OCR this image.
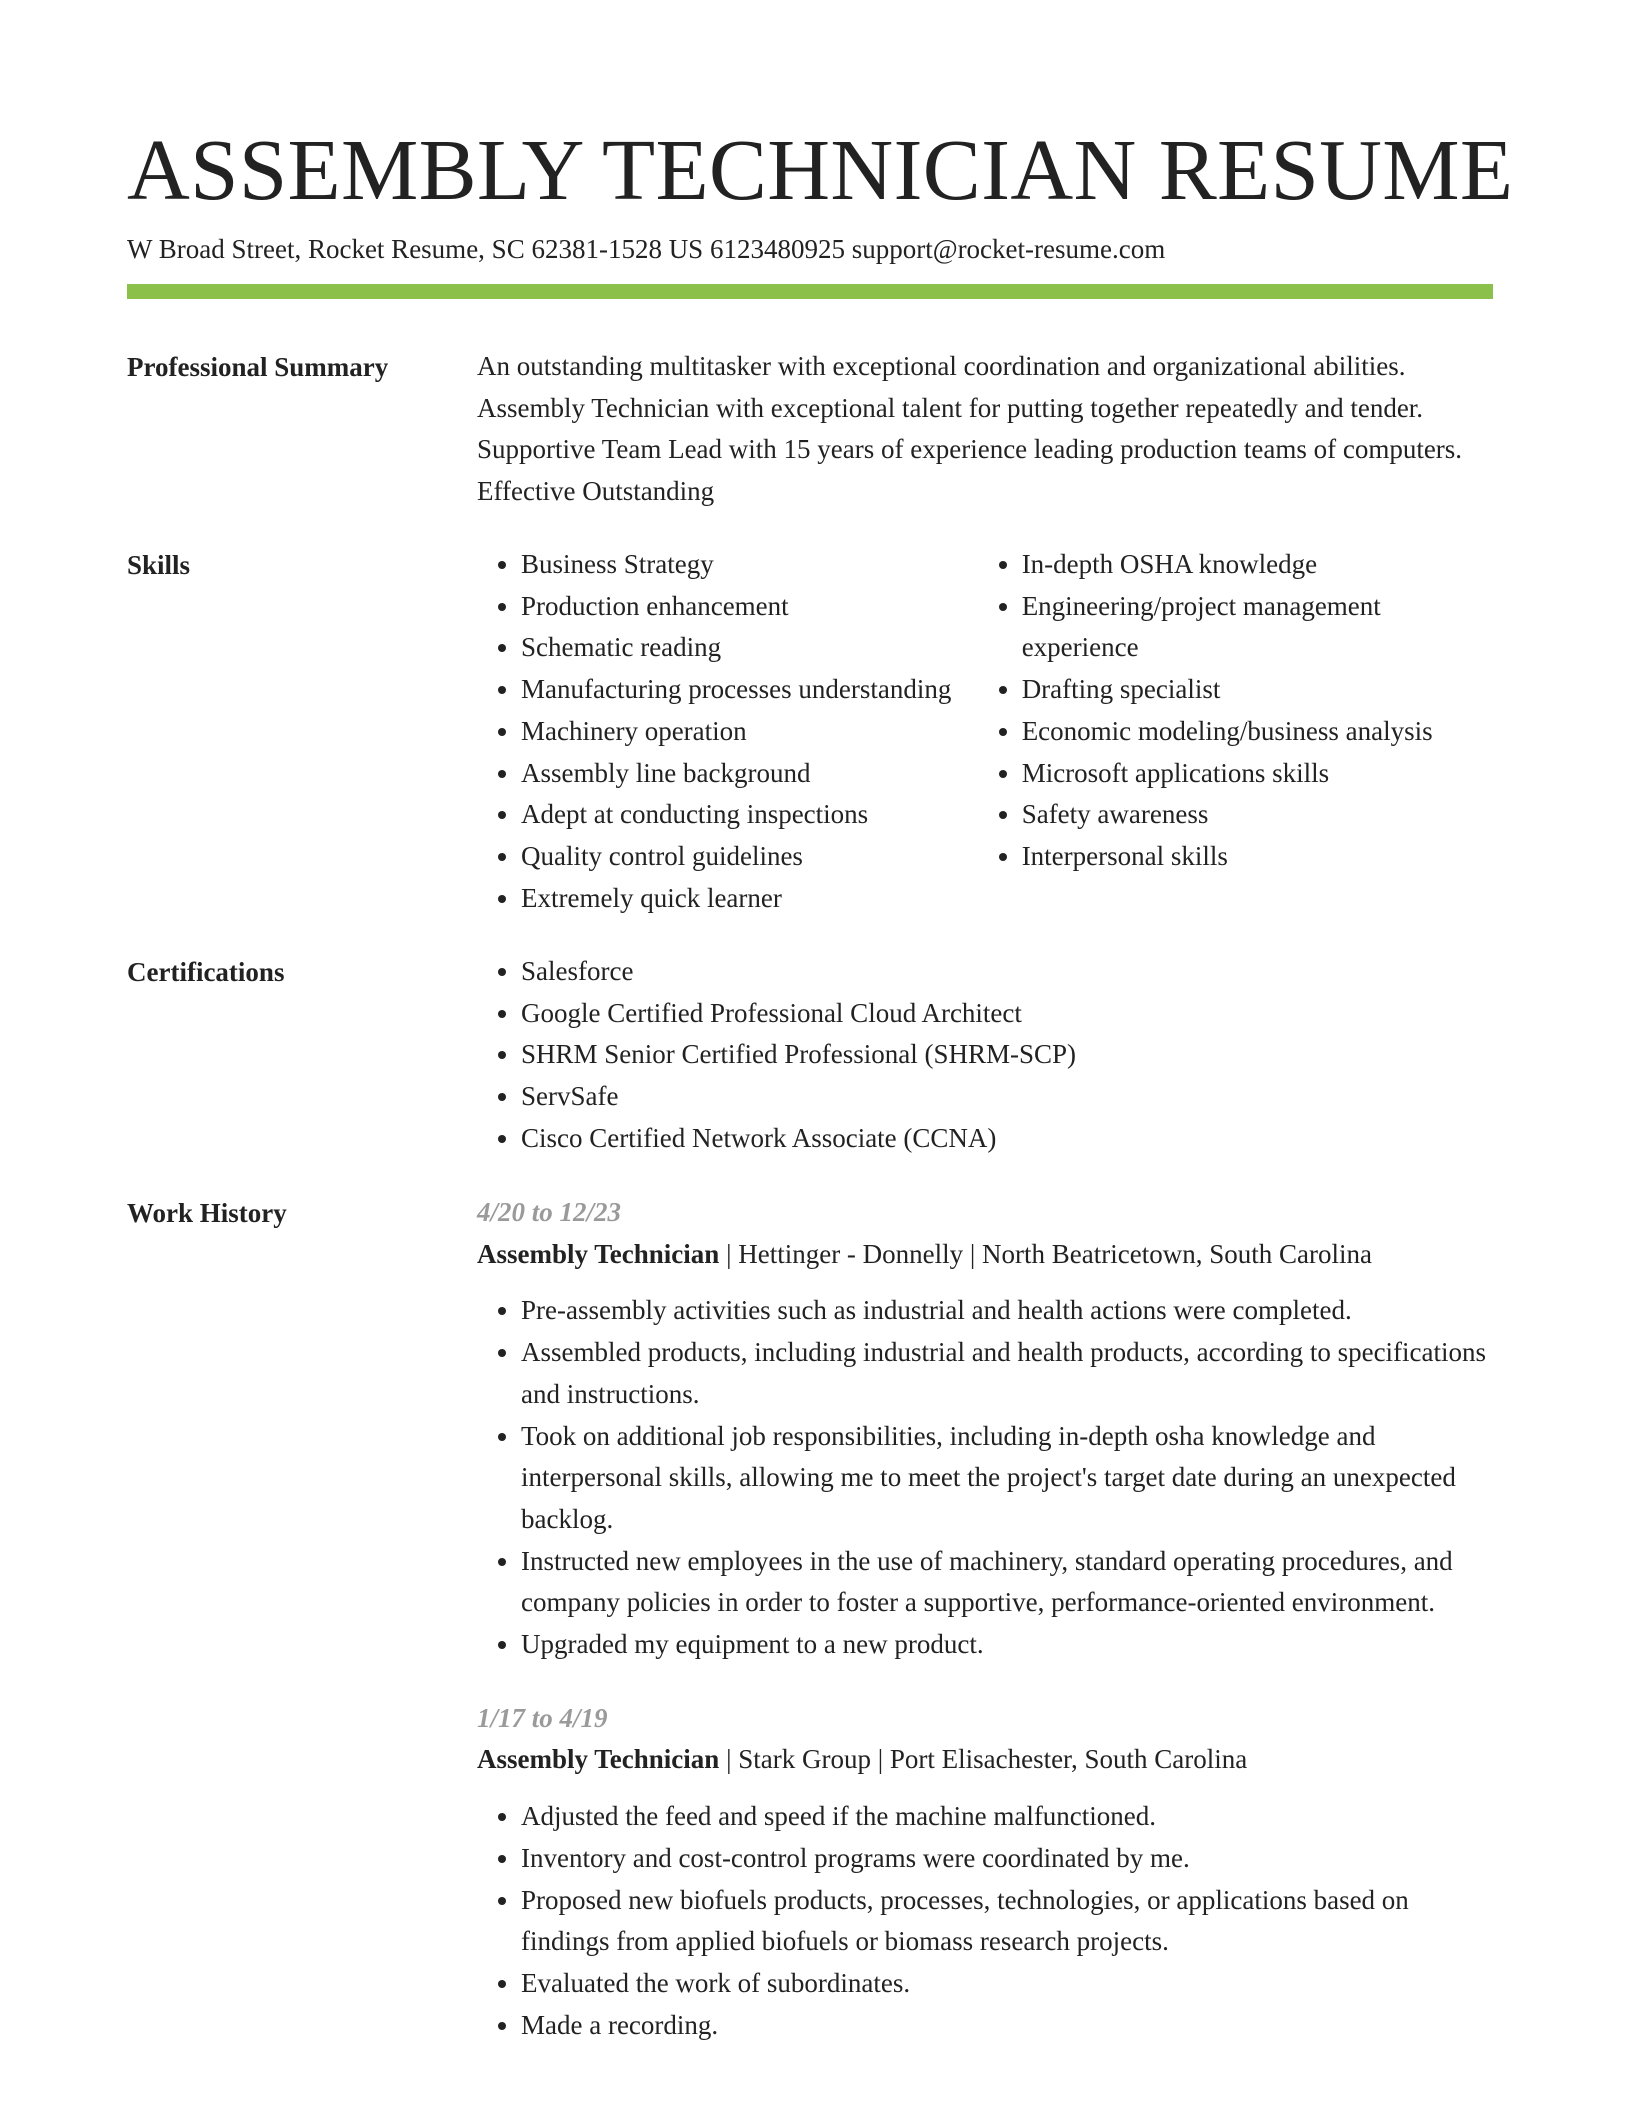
ASSEMBLY TECHNICIAN RESUME
W Broad Street, Rocket Resume, SC 62381-1528 US 6123480925 support@rocket-resume.com
Professional Summary	An outstanding multitasker with exceptional coordination and organizational abilities. Assembly Technician with exceptional talent for putting together repeatedly and tender. Supportive Team Lead with 15 years of experience leading production teams of computers. Effective Outstanding

Skills	• Business Strategy
• Production enhancement
• Schematic reading
• Manufacturing processes understanding
• Machinery operation
• Assembly line background
• Adept at conducting inspections
• Quality control guidelines
• Extremely quick learner
• In-depth OSHA knowledge
• Engineering/project management experience
• Drafting specialist
• Economic modeling/business analysis
• Microsoft applications skills
• Safety awareness
• Interpersonal skills
Certifications	• Salesforce
• Google Certified Professional Cloud Architect
• SHRM Senior Certified Professional (SHRM-SCP)
• ServSafe
• Cisco Certified Network Associate (CCNA)
Work History	4/20 to 12/23
Assembly Technician | Hettinger - Donnelly | North Beatricetown, South Carolina
• Pre-assembly activities such as industrial and health actions were completed.
• Assembled products, including industrial and health products, according to specifications and instructions.
• Took on additional job responsibilities, including in-depth osha knowledge and interpersonal skills, allowing me to meet the project's target date during an unexpected backlog.
• Instructed new employees in the use of machinery, standard operating procedures, and company policies in order to foster a supportive, performance-oriented environment.
• Upgraded my equipment to a new product.
1/17 to 4/19
Assembly Technician | Stark Group | Port Elisachester, South Carolina
• Adjusted the feed and speed if the machine malfunctioned.
• Inventory and cost-control programs were coordinated by me.
• Proposed new biofuels products, processes, technologies, or applications based on findings from applied biofuels or biomass research projects.
• Evaluated the work of subordinates.
• Made a recording.
